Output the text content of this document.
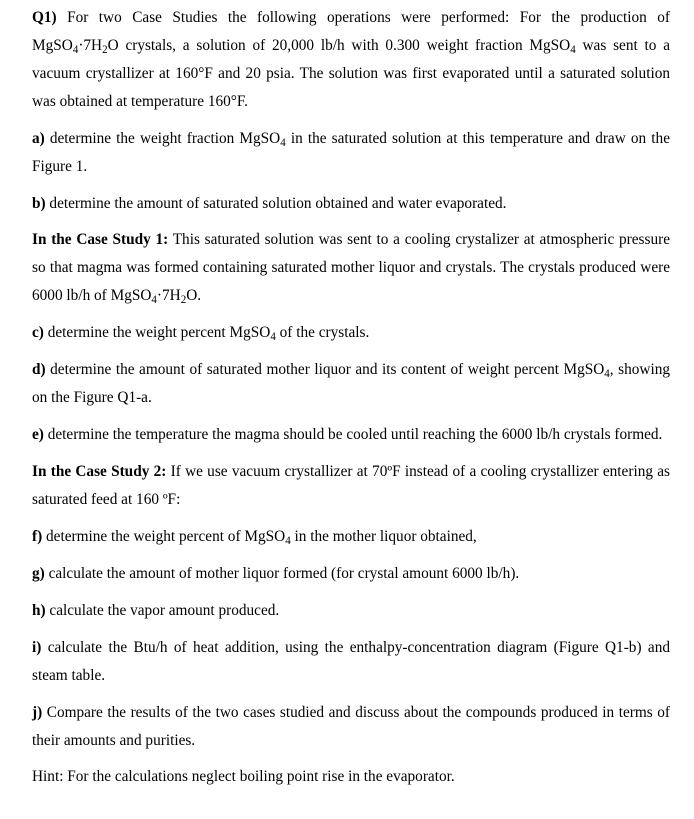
Q1) For two Case Studies the following operations were performed: For the production of $MgSO_4\cdot 7H_2O$ crystals, a solution of 20,000 lb/h with 0.300 weight fraction MgSO$_4$ was sent to a vacuum crystallizer at 160°F and 20 psia. The solution was first evaporated until a saturated solution was obtained at temperature 160°F.

a) determine the weight fraction MgSO$_4$ in the saturated solution at this temperature and draw on the Figure 1.

b) determine the amount of saturated solution obtained and water evaporated.

In the Case Study 1: This saturated solution was sent to a cooling crystalizer at atmospheric pressure so that magma was formed containing saturated mother liquor and crystals. The crystals produced were 6000 lb/h of $MgSO_4\cdot 7H_2O$.

c) determine the weight percent MgSO$_4$ of the crystals.

d) determine the amount of saturated mother liquor and its content of weight percent MgSO$_4$, showing on the Figure Q1-a.

e) determine the temperature the magma should be cooled until reaching the 6000 lb/h crystals formed.

In the Case Study 2: If we use vacuum crystallizer at 70ºF instead of a cooling crystallizer entering as saturated feed at 160 ºF:

f) determine the weight percent of MgSO$_4$ in the mother liquor obtained,

g) calculate the amount of mother liquor formed (for crystal amount 6000 lb/h).

h) calculate the vapor amount produced.

i) calculate the Btu/h of heat addition, using the enthalpy-concentration diagram (Figure Q1-b) and steam table.

j) Compare the results of the two cases studied and discuss about the compounds produced in terms of their amounts and purities.

Hint: For the calculations neglect boiling point rise in the evaporator.
